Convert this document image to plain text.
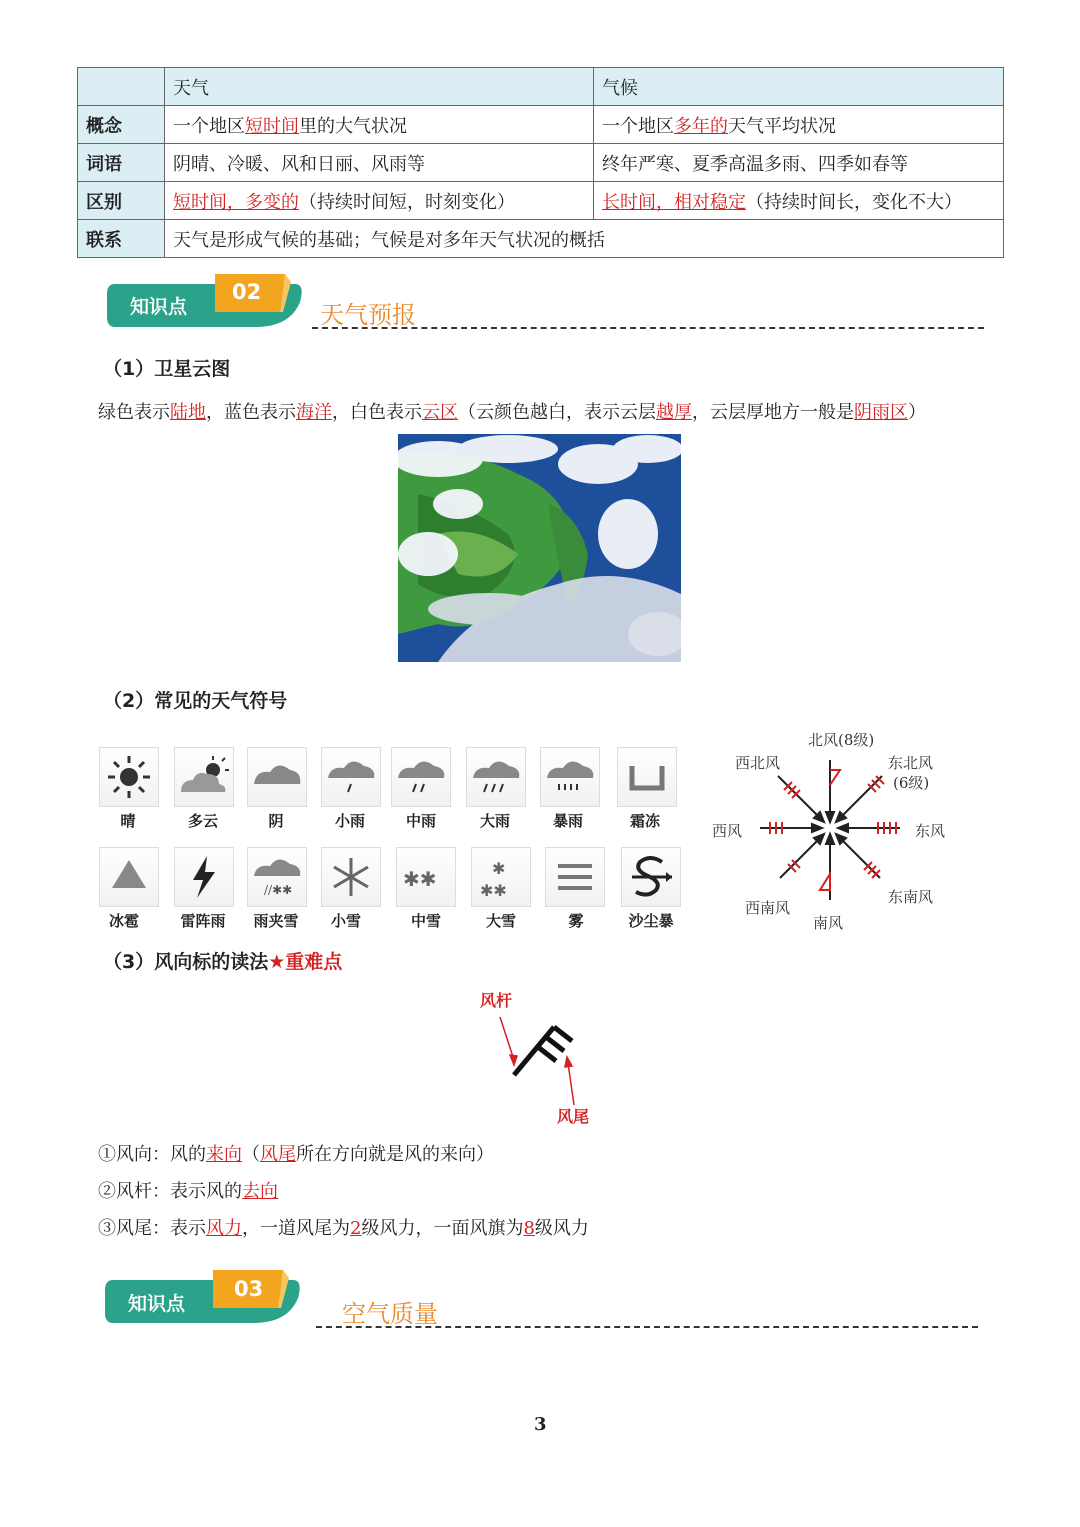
	天气	气候
概念	一个地区短时间里的大气状况	一个地区多年的天气平均状况
词语	阴晴、冷暖、风和日丽、风雨等	终年严寒、夏季高温多雨、四季如春等
区别	短时间，多变的（持续时间短，时刻变化）	长时间，相对稳定（持续时间长，变化不大）
联系	天气是形成气候的基础；气候是对多年天气状况的概括	
知识点
02
天气预报
（1）卫星云图
绿色表示陆地，蓝色表示海洋，白色表示云区（云颜色越白，表示云层越厚，云层厚地方一般是阴雨区）
（2）常见的天气符号
晴	多云	阴	小雨	中雨	大雨	暴雨	霜冻
//✱✱	✱✱	✱
✱✱
冰雹	雷阵雨	雨夹雪	小雪	中雪	大雪	雾	沙尘暴
北风(8级)
西北风	东北风
(6级)
西风	东风
西南风
南风
东南风
（3）风向标的读法★重难点
风杆
风尾
①风向：风的来向（风尾所在方向就是风的来向）
②风杆：表示风的去向
③风尾：表示风力，一道风尾为2级风力，一面风旗为8级风力
知识点
03
空气质量
3
